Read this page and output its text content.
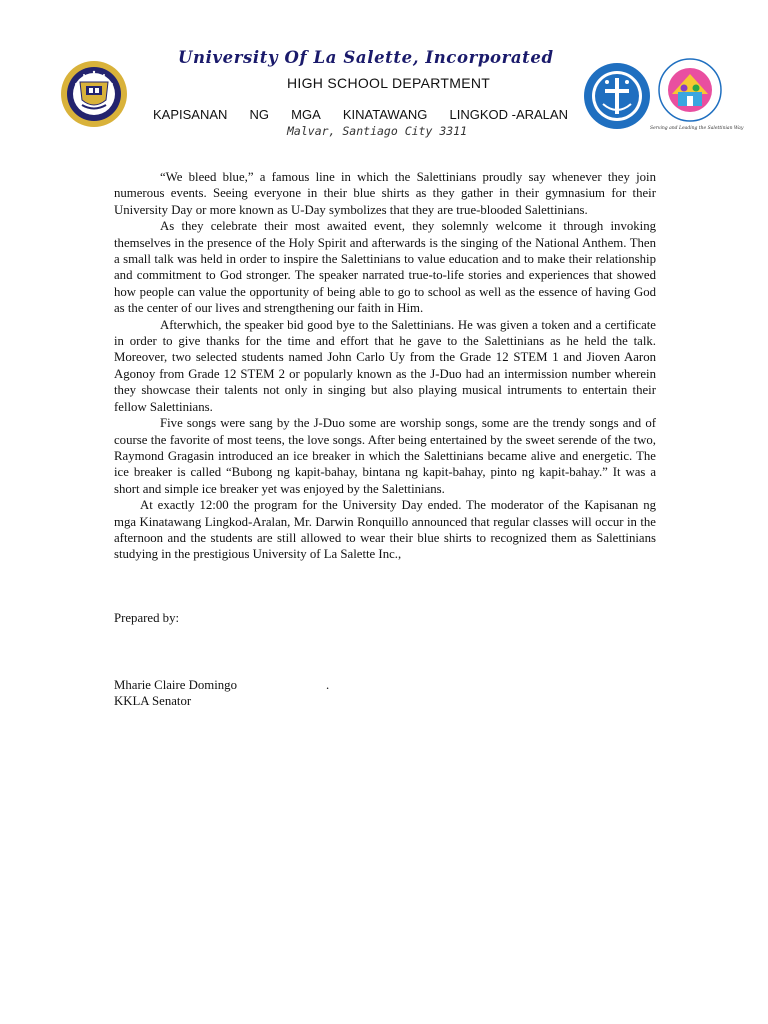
University Of La Salette, Incorporated
HIGH SCHOOL DEPARTMENT
KAPISANAN NG MGA KINATAWANG LINGKOD -ARALAN
Malvar, Santiago City 3311	Serving and Leading the Salettinian Way

“We bleed blue,” a famous line in which the Salettinians proudly say whenever they join numerous events. Seeing everyone in their blue shirts as they gather in their gymnasium for their University Day or more known as U-Day symbolizes that they are true-blooded Salettinians.

As they celebrate their most awaited event, they solemnly welcome it through invoking themselves in the presence of the Holy Spirit and afterwards is the singing of the National Anthem. Then a small talk was held in order to inspire the Salettinians to value education and to make their relationship and commitment to God stronger. The speaker narrated true-to-life stories and experiences that showed how people can value the opportunity of being able to go to school as well as the essence of having God as the center of our lives and strengthening our faith in Him.

Afterwhich, the speaker bid good bye to the Salettinians. He was given a token and a certificate in order to give thanks for the time and effort that he gave to the Salettinians as he held the talk. Moreover, two selected students named John Carlo Uy from the Grade 12 STEM 1 and Jioven Aaron Agonoy from Grade 12 STEM 2 or popularly known as the J-Duo had an intermission number wherein they showcase their talents not only in singing but also playing musical intruments to entertain their fellow Salettinians.

Five songs were sang by the J-Duo some are worship songs, some are the trendy songs and of course the favorite of most teens, the love songs. After being entertained by the sweet serende of the two, Raymond Gragasin introduced an ice breaker in which the Salettinians became alive and energetic. The ice breaker is called “Bubong ng kapit-bahay, bintana ng kapit-bahay, pinto ng kapit-bahay.” It was a short and simple ice breaker yet was enjoyed by the Salettinians.

At exactly 12:00 the program for the University Day ended. The moderator of the Kapisanan ng mga Kinatawang Lingkod-Aralan, Mr. Darwin Ronquillo announced that regular classes will occur in the afternoon and the students are still allowed to wear their blue shirts to recognized them as Salettinians studying in the prestigious University of La Salette Inc.,

Prepared by:
Mharie Claire Domingo	.
KKLA Senator
